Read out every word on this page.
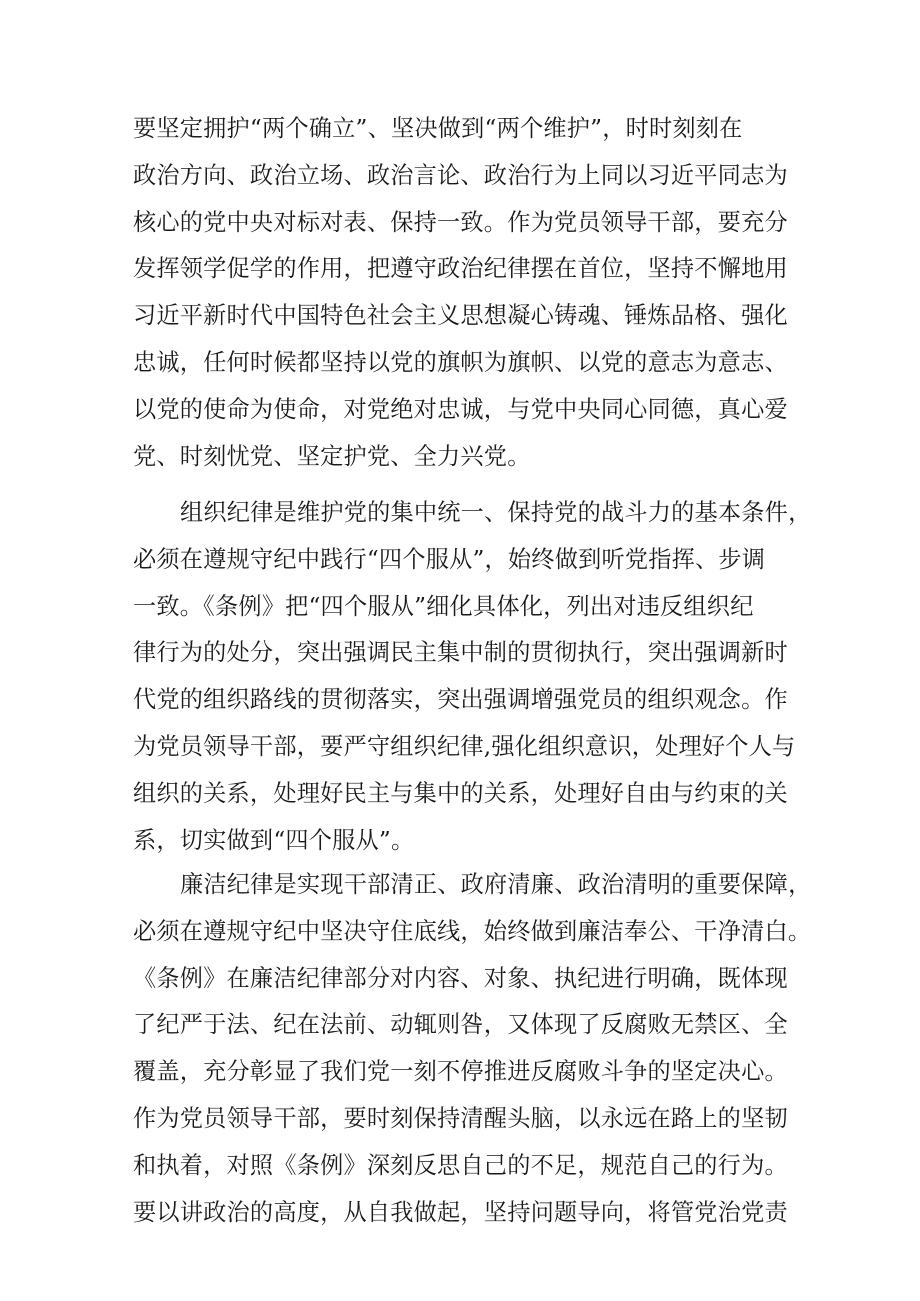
要坚定拥护“两个确立”、坚决做到“两个维护”，时时刻刻在
政治方向、政治立场、政治言论、政治行为上同以习近平同志为
核心的党中央对标对表、保持一致。作为党员领导干部，要充分
发挥领学促学的作用，把遵守政治纪律摆在首位，坚持不懈地用
习近平新时代中国特色社会主义思想凝心铸魂、锤炼品格、强化
忠诚，任何时候都坚持以党的旗帜为旗帜、以党的意志为意志、
以党的使命为使命，对党绝对忠诚，与党中央同心同德，真心爱
党、时刻忧党、坚定护党、全力兴党。
组织纪律是维护党的集中统一、保持党的战斗力的基本条件，
必须在遵规守纪中践行“四个服从”，始终做到听党指挥、步调
一致。《条例》把“四个服从”细化具体化，列出对违反组织纪
律行为的处分，突出强调民主集中制的贯彻执行，突出强调新时
代党的组织路线的贯彻落实，突出强调增强党员的组织观念。作
为党员领导干部，要严守组织纪律,强化组织意识，处理好个人与
组织的关系，处理好民主与集中的关系，处理好自由与约束的关
系，切实做到“四个服从”。
廉洁纪律是实现干部清正、政府清廉、政治清明的重要保障，
必须在遵规守纪中坚决守住底线，始终做到廉洁奉公、干净清白。
《条例》在廉洁纪律部分对内容、对象、执纪进行明确，既体现
了纪严于法、纪在法前、动辄则咎，又体现了反腐败无禁区、全
覆盖，充分彰显了我们党一刻不停推进反腐败斗争的坚定决心。
作为党员领导干部，要时刻保持清醒头脑，以永远在路上的坚韧
和执着，对照《条例》深刻反思自己的不足，规范自己的行为。
要以讲政治的高度，从自我做起，坚持问题导向，将管党治党责
